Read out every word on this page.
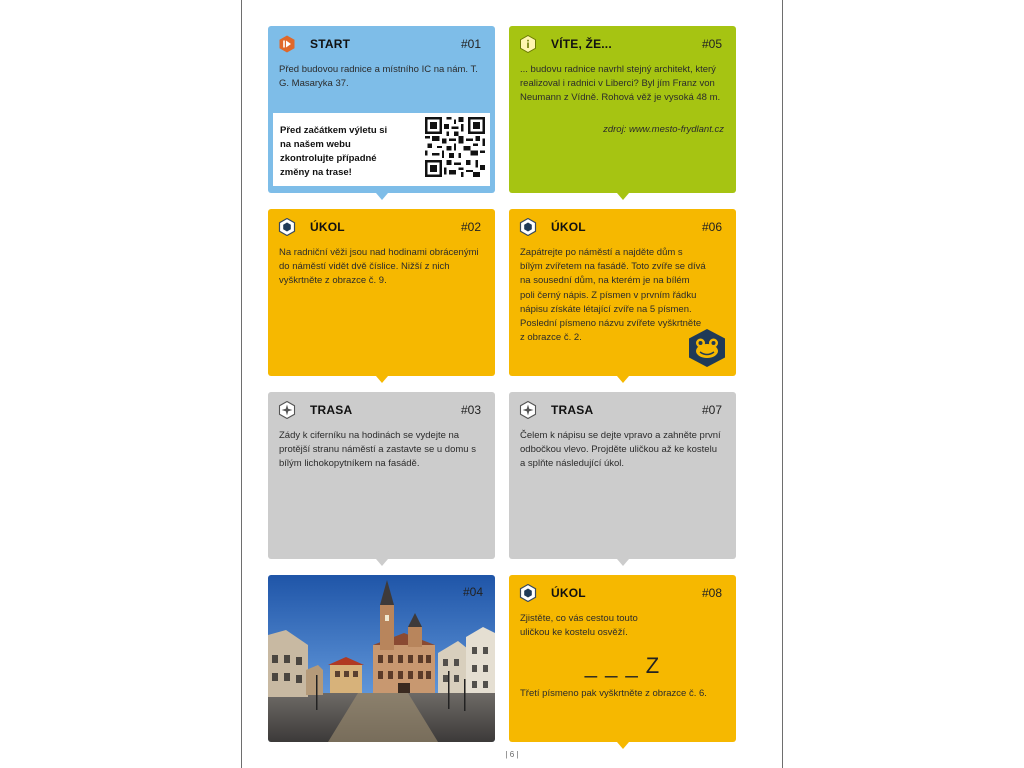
START	#01
Před budovou radnice a místního IC na nám. T. G. Masaryka 37.
Před začátkem výletu si na našem webu zkontrolujte případné změny na trase!
VÍTE, ŽE...	#05
... budovu radnice navrhl stejný architekt, který realizoval i radnici v Liberci? Byl jím Franz von Neumann z Vídně. Rohová věž je vysoká 48 m.
zdroj: www.mesto-frydlant.cz
ÚKOL	#02
Na radniční věži jsou nad hodinami obrácenými do náměstí vidět dvě číslice. Nižší z nich vyškrtněte z obrazce č. 9.
ÚKOL	#06
Zapátrejte po náměstí a najděte dům s bílým zvířetem na fasádě. Toto zvíře se dívá na sousední dům, na kterém je na bílém poli černý nápis. Z písmen v prvním řádku nápisu získáte létající zvíře na 5 písmen. Poslední písmeno názvu zvířete vyškrtněte z obrazce č. 2.
TRASA	#03
Zády k ciferníku na hodinách se vydejte na protější stranu náměstí a zastavte se u domu s bílým lichokopytníkem na fasádě.
TRASA	#07
Čelem k nápisu se dejte vpravo a zahněte první odbočkou vlevo. Projděte uličkou až ke kostelu a splňte následující úkol.
#04	ÚKOL	#08
Zjistěte, co vás cestou touto uličkou ke kostelu osvěží.
_ _ _ Z
Třetí písmeno pak vyškrtněte z obrazce č. 6.
| 6 |
